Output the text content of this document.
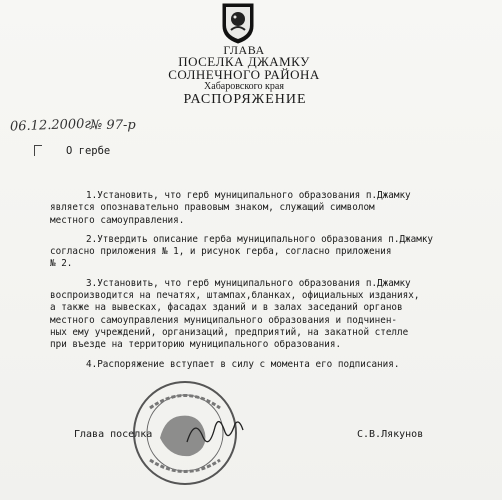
ГЛАВА
ПОСЕЛКА ДЖАМКУ
СОЛНЕЧНОГО РАЙОНА
Хабаровского края
РАСПОРЯЖЕНИЕ
06.12.2000г.
№ 97-р
О гербе
1.Установить, что герб муниципального образования п.Джамку
является опознавательно правовым знаком, служащий символом
местного самоуправления.
2.Утвердить описание герба муниципального образования п.Джамку
согласно приложения № 1, и рисунок герба, согласно приложения
№ 2.
3.Установить, что герб муниципального образования п.Джамку
воспроизводится на печатях, штампах,бланках, официальных изданиях,
а также на вывесках, фасадах зданий и в залах заседаний органов
местного самоуправления муниципального образования и подчинен-
ных ему учреждений, организаций, предприятий, на закатной стелле
при въезде на территорию муниципального образования.
4.Распоряжение вступает в силу с момента его подписания.
Глава поселка	С.В.Лякунов
